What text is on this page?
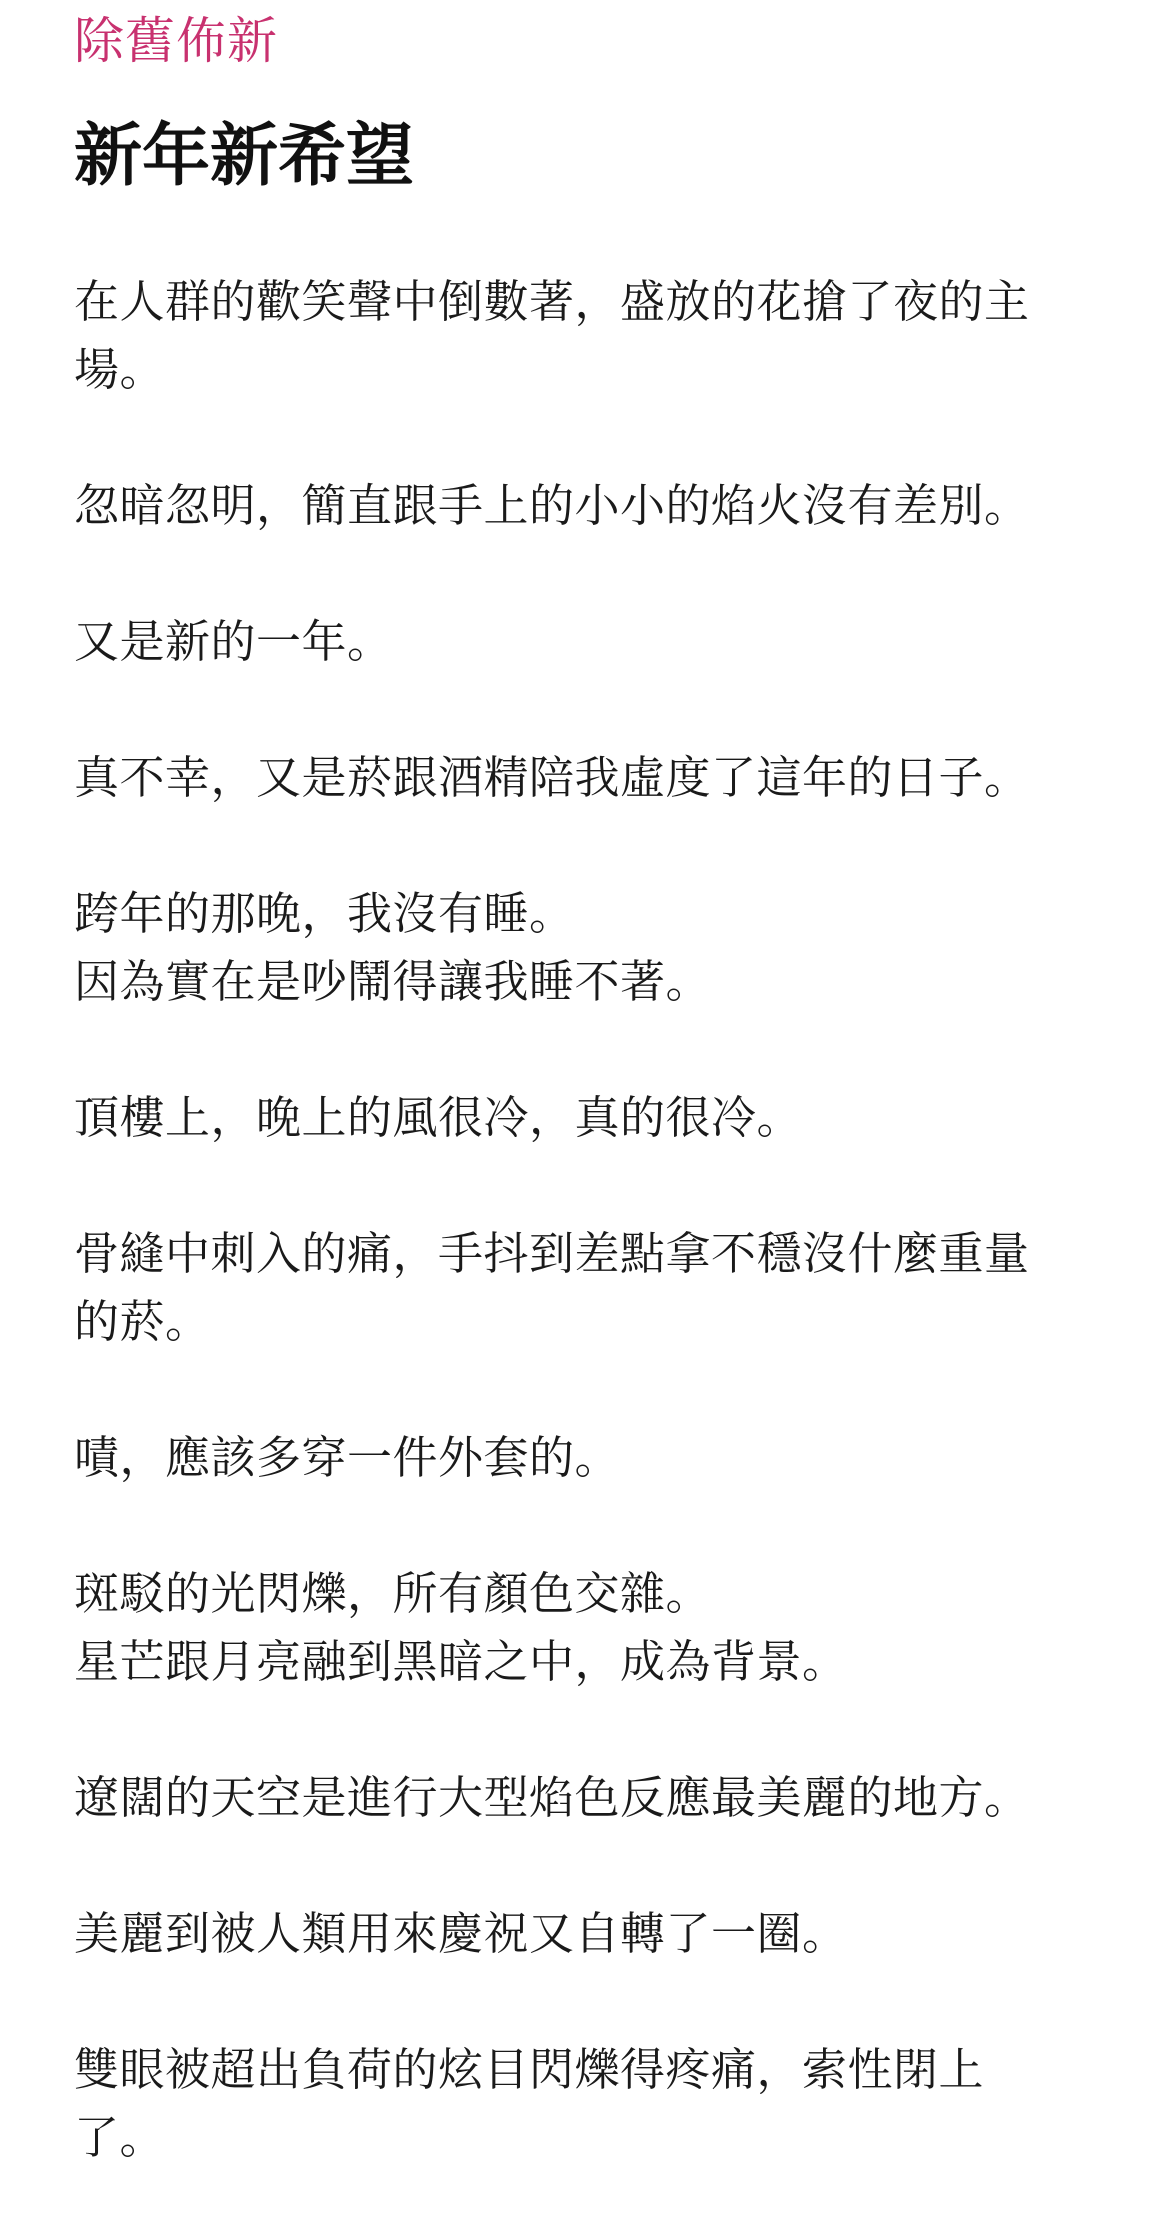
除舊佈新
新年新希望

在人群的歡笑聲中倒數著，盛放的花搶了夜的主
場。

忽暗忽明，簡直跟手上的小小的焰火沒有差別。

又是新的一年。

真不幸，又是菸跟酒精陪我虛度了這年的日子。

跨年的那晚，我沒有睡。
因為實在是吵鬧得讓我睡不著。

頂樓上，晚上的風很冷，真的很冷。

骨縫中刺入的痛，手抖到差點拿不穩沒什麼重量
的菸。

嘖，應該多穿一件外套的。

斑駁的光閃爍，所有顏色交雜。
星芒跟月亮融到黑暗之中，成為背景。

遼闊的天空是進行大型焰色反應最美麗的地方。

美麗到被人類用來慶祝又自轉了一圈。

雙眼被超出負荷的炫目閃爍得疼痛，索性閉上
了。
